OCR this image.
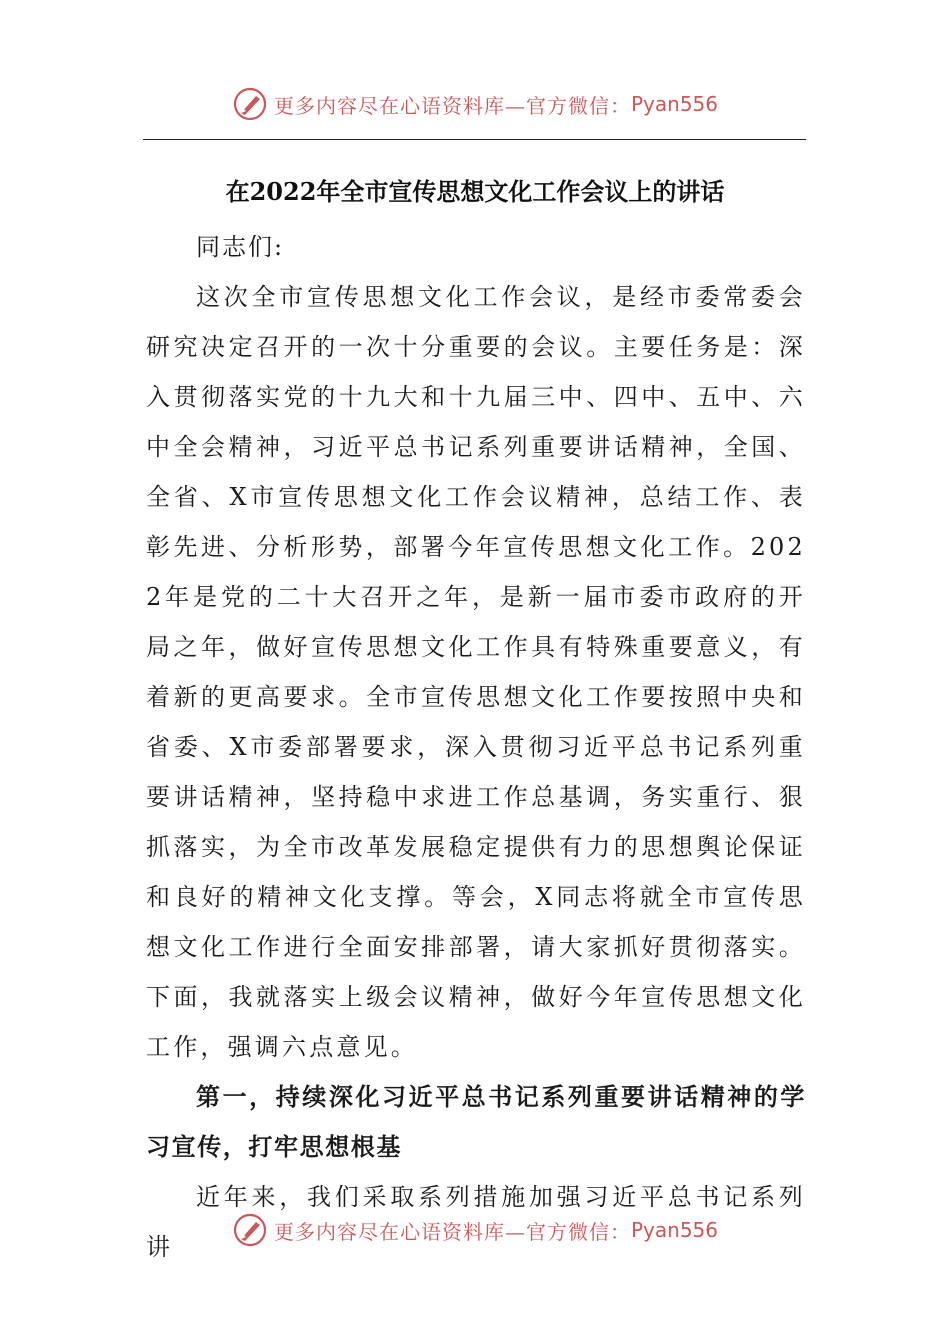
更多内容尽在心语资料库—官方微信： Pyan556
在2022年全市宣传思想文化工作会议上的讲话

同志们:

这次全市宣传思想文化工作会议，是经市委常委会研究决定召开的一次十分重要的会议。主要任务是：深入贯彻落实党的十九大和十九届三中、四中、五中、六中全会精神，习近平总书记系列重要讲话精神，全国、全省、X市宣传思想文化工作会议精神，总结工作、表彰先进、分析形势，部署今年宣传思想文化工作。2022年是党的二十大召开之年，是新一届市委市政府的开局之年，做好宣传思想文化工作具有特殊重要意义，有着新的更高要求。全市宣传思想文化工作要按照中央和省委、X市委部署要求，深入贯彻习近平总书记系列重要讲话精神，坚持稳中求进工作总基调，务实重行、狠抓落实，为全市改革发展稳定提供有力的思想舆论保证和良好的精神文化支撑。等会，X同志将就全市宣传思想文化工作进行全面安排部署，请大家抓好贯彻落实。下面，我就落实上级会议精神，做好今年宣传思想文化工作，强调六点意见。

第一，持续深化习近平总书记系列重要讲话精神的学习宣传，打牢思想根基

近年来，我们采取系列措施加强习近平总书记系列讲

更多内容尽在心语资料库—官方微信： Pyan556
